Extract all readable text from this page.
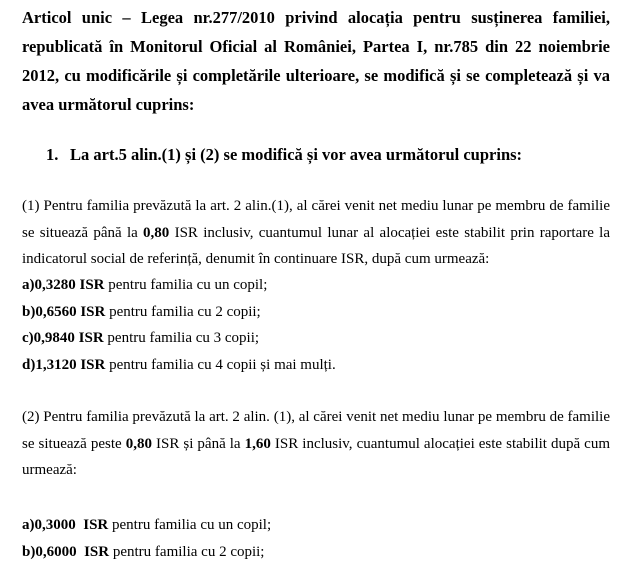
Articol unic – Legea nr.277/2010 privind alocația pentru susținerea familiei, republicată în Monitorul Oficial al României, Partea I, nr.785 din 22 noiembrie 2012, cu modificările și completările ulterioare, se modifică și se completează și va avea următorul cuprins:

1. La art.5 alin.(1) și (2) se modifică și vor avea următorul cuprins:

(1) Pentru familia prevăzută la art. 2 alin.(1), al cărei venit net mediu lunar pe membru de familie se situează până la 0,80 ISR inclusiv, cuantumul lunar al alocației este stabilit prin raportare la indicatorul social de referință, denumit în continuare ISR, după cum urmează:

a)0,3280 ISR pentru familia cu un copil;
b)0,6560 ISR pentru familia cu 2 copii;
c)0,9840 ISR pentru familia cu 3 copii;
d)1,3120 ISR pentru familia cu 4 copii și mai mulți.

(2) Pentru familia prevăzută la art. 2 alin. (1), al cărei venit net mediu lunar pe membru de familie se situează peste 0,80 ISR și până la 1,60 ISR inclusiv, cuantumul alocației este stabilit după cum urmează:

a)0,3000  ISR pentru familia cu un copil;
b)0,6000  ISR pentru familia cu 2 copii;
